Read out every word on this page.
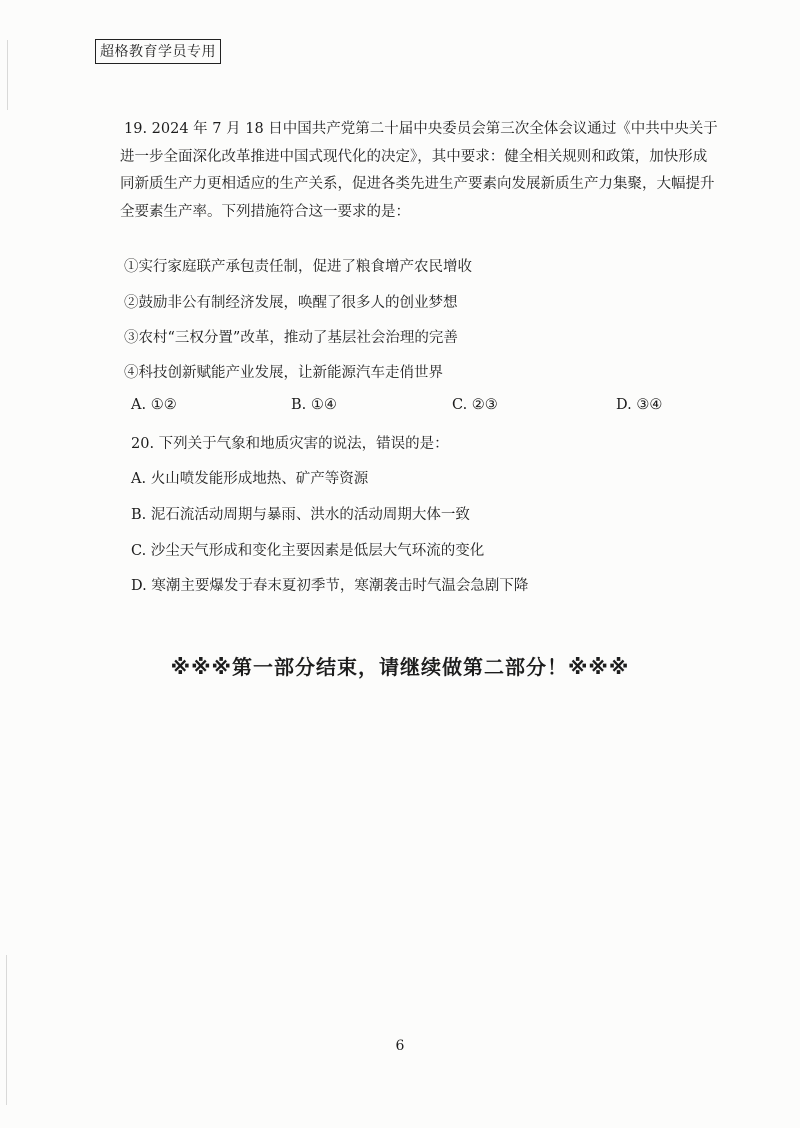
超格教育学员专用
19. 2024 年 7 月 18 日中国共产党第二十届中央委员会第三次全体会议通过《中共中央关于
进一步全面深化改革推进中国式现代化的决定》，其中要求：健全相关规则和政策，加快形成
同新质生产力更相适应的生产关系，促进各类先进生产要素向发展新质生产力集聚，大幅提升
全要素生产率。下列措施符合这一要求的是：
①实行家庭联产承包责任制，促进了粮食增产农民增收
②鼓励非公有制经济发展，唤醒了很多人的创业梦想
③农村“三权分置”改革，推动了基层社会治理的完善
④科技创新赋能产业发展，让新能源汽车走俏世界
A. ①②	B. ①④	C. ②③	D. ③④
20. 下列关于气象和地质灾害的说法，错误的是：
A. 火山喷发能形成地热、矿产等资源
B. 泥石流活动周期与暴雨、洪水的活动周期大体一致
C. 沙尘天气形成和变化主要因素是低层大气环流的变化
D. 寒潮主要爆发于春末夏初季节，寒潮袭击时气温会急剧下降
※※※第一部分结束，请继续做第二部分！※※※
6
